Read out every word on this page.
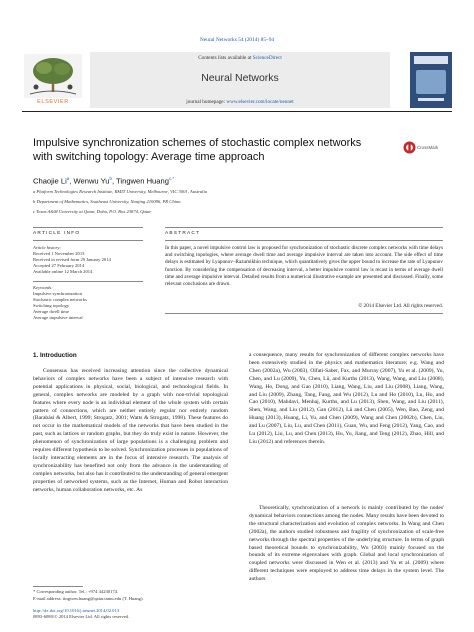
Neural Networks 54 (2014) 85–94
ELSEVIER
Contents lists available at ScienceDirect
Neural Networks
journal homepage: www.elsevier.com/locate/neunet
Impulsive synchronization schemes of stochastic complex networks
with switching topology: Average time approach
CrossMark
Chaojie Li$^a$, Wenwu Yu$^b$, Tingwen Huang$^{c,*}$
a Platform Technologies Research Institute, RMIT University, Melbourne, VIC 3001, Australia
b Department of Mathematics, Southeast University, Nanjing 210096, PR China
c Texas A&M University at Qatar, Doha, P.O. Box 23874, Qatar
ARTICLE INFO	ABSTRACT
Article history:
Received 1 November 2013
Received in revised form 29 January 2014
Accepted 27 February 2014
Available online 12 March 2014
Keywords:
Impulsive synchronization
Stochastic complex networks
Switching topology
Average dwell time
Average impulsive interval
In this paper, a novel impulsive control law is proposed for synchronization of stochastic discrete complex networks with time delays and switching topologies, where average dwell time and average impulsive interval are taken into account. The side effect of time delays is estimated by Lyapunov–Razumikhin technique, which quantitatively gives the upper bound to increase the rate of Lyapunov function. By considering the compensation of decreasing interval, a better impulsive control law is recast in terms of average dwell time and average impulsive interval. Detailed results from a numerical illustrative example are presented and discussed. Finally, some relevant conclusions are drawn.
© 2014 Elsevier Ltd. All rights reserved.
1. Introduction
Consensus has received increasing attention since the collective dynamical behaviors of complex networks have been a subject of intensive research with potential applications in physical, social, biological, and technological fields. In general, complex networks are modeled by a graph with non-trivial topological features where every node is an individual element of the whole system with certain pattern of connections, which are neither entirely regular nor entirely random (Barabási & Albert, 1999; Strogatz, 2001; Watts & Strogatz, 1998). These features do not occur in the mathematical models of the networks that have been studied in the past, such as lattices or random graphs, but they do truly exist in nature. However, the phenomenon of synchronization of large populations is a challenging problem and requires different hypothesis to be solved. Synchronization processes in populations of locally interacting elements are in the focus of intensive research. The analysis of synchronizability has benefited not only from the advance in the understanding of complex networks, but also has it contributed to the understanding of general emergent properties of networked systems, such as the Internet, Human and Robot interaction networks, human collaboration networks, etc. As
a consequence, many results for synchronization of different complex networks have been extensively studied in the physics and mathematics literature; e.g. Wang and Chen (2002a), Wu (2003), Olfati-Saber, Fax, and Murray (2007), Yu et al. (2009), Yu, Chen, and Lu (2009), Yu, Chen, Lü, and Kurths (2013), Wang, Wang, and Liu (2008), Wang, Ho, Dong, and Gao (2010), Liang, Wang, Liu, and Liu (2008), Liang, Wang, and Liu (2009), Zhang, Tang, Fang, and Wu (2012), Lu and Ho (2010), Lu, Ho, and Cao (2010), Mahdavi, Menhaj, Kurths, and Lu (2013), Shen, Wang, and Liu (2011), Shen, Wang, and Liu (2012), Gan (2012), Lü and Chen (2005), Wen, Bao, Zeng, and Huang (2013), Huang, Li, Yu, and Chen (2009), Wang and Chen (2002b), Chen, Liu, and Lu (2007), Liu, Lu, and Chen (2011), Guan, Wu, and Feng (2012), Yang, Cao, and Lu (2012), Liu, Lu, and Chen (2013), Hu, Yu, Jiang, and Teng (2012), Zhao, Hill, and Liu (2012) and references therein.
Theoretically, synchronization of a network is mainly contributed by the nodes' dynamical behaviors connections among the nodes. Many results have been devoted to the structural characterization and evolution of complex networks. In Wang and Chen (2002a), the authors studied robustness and fragility of synchronization of scale-free networks through the spectral properties of the underlying structure. In terms of graph based theoretical bounds to synchronizability, Wu (2003) mainly focused on the bounds of its extreme eigenvalues with graph. Global and local synchronization of coupled networks were discussed in Wen et al. (2013) and Yu et al. (2009) where different techniques were employed to address time delays in the system level. The authors
* Corresponding author. Tel.: +974 44230174.
E-mail address: tingwen.huang@qatar.tamu.edu (T. Huang).
http://dx.doi.org/10.1016/j.neunet.2014.02.013
0893-6080/© 2014 Elsevier Ltd. All rights reserved.
